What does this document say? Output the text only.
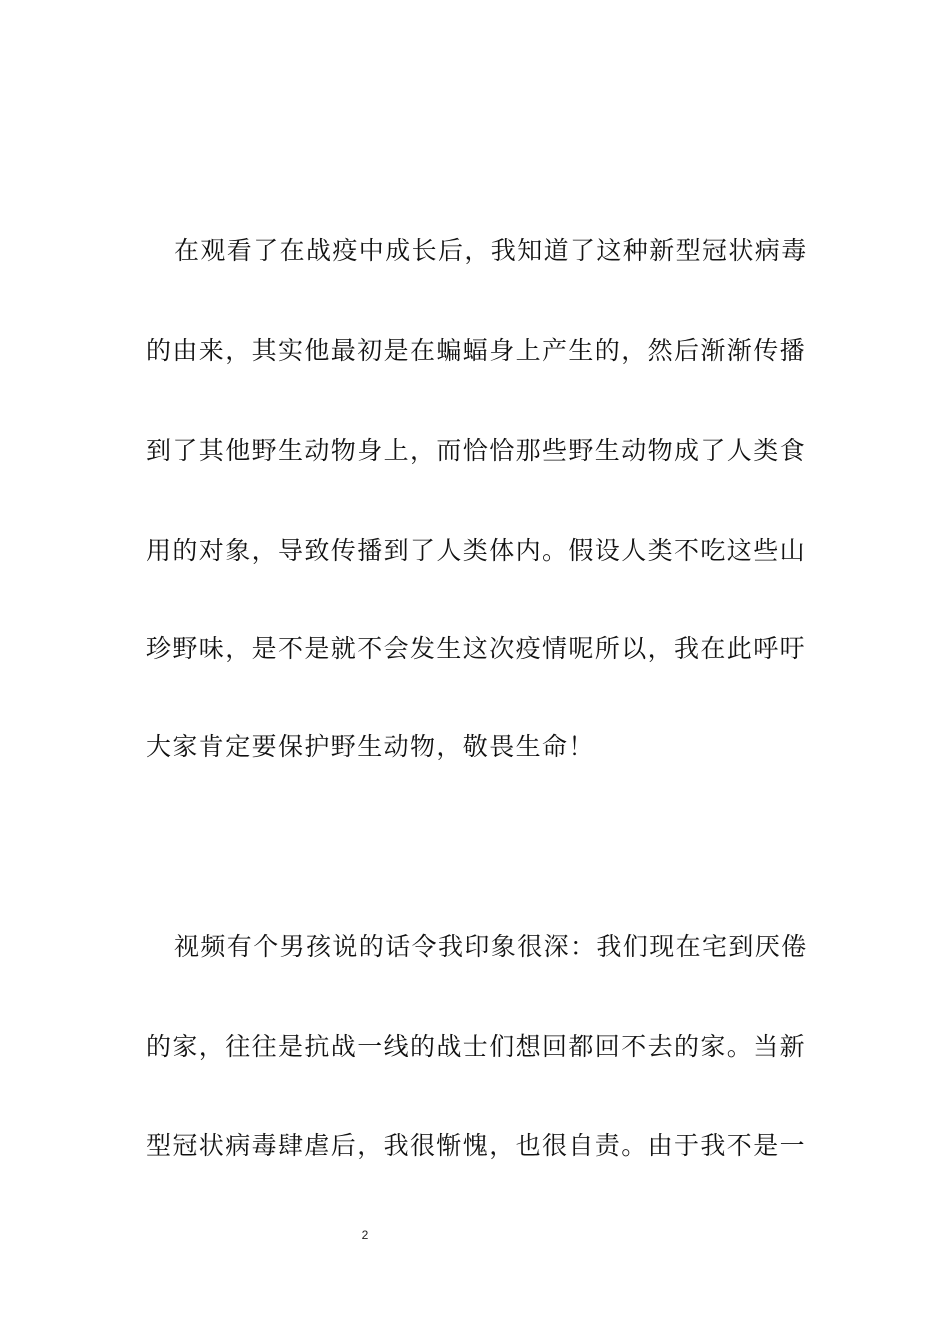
在观看了在战疫中成长后，我知道了这种新型冠状病毒
的由来，其实他最初是在蝙蝠身上产生的，然后渐渐传播
到了其他野生动物身上，而恰恰那些野生动物成了人类食
用的对象，导致传播到了人类体内。假设人类不吃这些山
珍野味，是不是就不会发生这次疫情呢所以，我在此呼吁
大家肯定要保护野生动物，敬畏生命！
视频有个男孩说的话令我印象很深：我们现在宅到厌倦
的家，往往是抗战一线的战士们想回都回不去的家。当新
型冠状病毒肆虐后，我很惭愧，也很自责。由于我不是一
2
